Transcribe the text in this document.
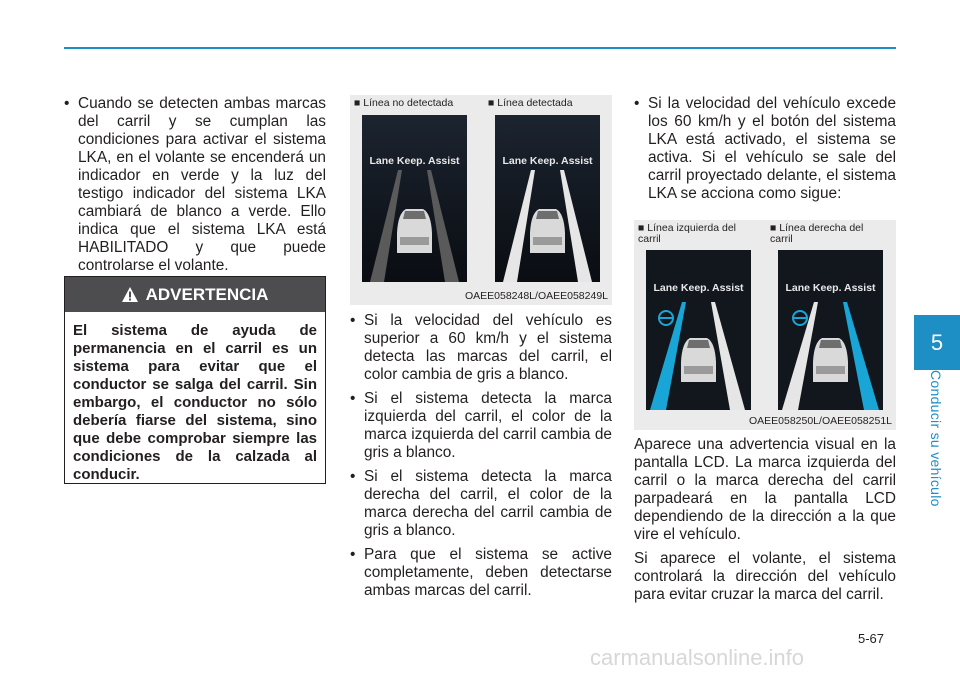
5
Conducir su vehículo
• Cuando se detecten ambas marcas del carril y se cumplan las condiciones para activar el sistema LKA, en el volante se encenderá un indicador en verde y la luz del testigo indicador del sistema LKA cambiará de blanco a verde. Ello indica que el sistema LKA está HABILITADO y que puede controlarse el volante.
ADVERTENCIA
El sistema de ayuda de permanencia en el carril es un sistema para evitar que el conductor se salga del carril. Sin embargo, el conductor no sólo debería fiarse del sistema, sino que debe comprobar siempre las condiciones de la calzada al conducir.
■ Línea no detectada	■ Línea detectada
Lane Keep. Assist	Lane Keep. Assist
OAEE058248L/OAEE058249L
• Si la velocidad del vehículo es superior a 60 km/h y el sistema detecta las marcas del carril, el color cambia de gris a blanco.
• Si el sistema detecta la marca izquierda del carril, el color de la marca izquierda del carril cambia de gris a blanco.
• Si el sistema detecta la marca derecha del carril, el color de la marca derecha del carril cambia de gris a blanco.
• Para que el sistema se active completamente, deben detectarse ambas marcas del carril.
• Si la velocidad del vehículo excede los 60 km/h y el botón del sistema LKA está activado, el sistema se activa. Si el vehículo se sale del carril proyectado delante, el sistema LKA se acciona como sigue:
■ Línea izquierda del carril
■ Línea derecha del carril
Lane Keep. Assist	Lane Keep. Assist
OAEE058250L/OAEE058251L

Aparece una advertencia visual en la pantalla LCD. La marca izquierda del carril o la marca derecha del carril parpadeará en la pantalla LCD dependiendo de la dirección a la que vire el vehículo.

Si aparece el volante, el sistema controlará la dirección del vehículo para evitar cruzar la marca del carril.

5-67
carmanualsonline.info
